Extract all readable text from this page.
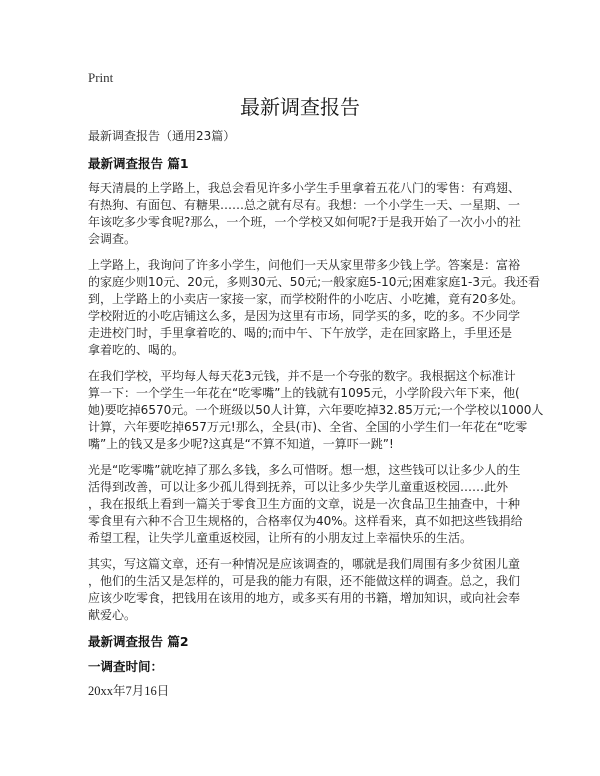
Print
最新调查报告
最新调查报告（通用23篇）
最新调查报告 篇1
每天清晨的上学路上，我总会看见许多小学生手里拿着五花八门的零售：有鸡翅、
有热狗、有面包、有糖果……总之就有尽有。我想：一个小学生一天、一星期、一
年该吃多少零食呢?那么，一个班，一个学校又如何呢?于是我开始了一次小小的社
会调查。
上学路上，我询问了许多小学生，问他们一天从家里带多少钱上学。答案是：富裕
的家庭少则10元、20元，多则30元、50元;一般家庭5-10元;困难家庭1-3元。我还看
到，上学路上的小卖店一家接一家，而学校附件的小吃店、小吃摊，竟有20多处。
学校附近的小吃店铺这么多，是因为这里有市场，同学买的多，吃的多。不少同学
走进校门时，手里拿着吃的、喝的;而中午、下午放学，走在回家路上，手里还是
拿着吃的、喝的。
在我们学校，平均每人每天花3元钱，并不是一个夸张的数字。我根据这个标准计
算一下：一个学生一年花在“吃零嘴”上的钱就有1095元，小学阶段六年下来，他(
她)要吃掉6570元。一个班级以50人计算，六年要吃掉32.85万元;一个学校以1000人
计算，六年要吃掉657万元!那么，全县(市)、全省、全国的小学生们一年花在“吃零
嘴”上的钱又是多少呢?这真是“不算不知道，一算吓一跳”!
光是“吃零嘴”就吃掉了那么多钱，多么可惜呀。想一想，这些钱可以让多少人的生
活得到改善，可以让多少孤儿得到抚养，可以让多少失学儿童重返校园……此外
，我在报纸上看到一篇关于零食卫生方面的文章，说是一次食品卫生抽查中，十种
零食里有六种不合卫生规格的，合格率仅为40%。这样看来，真不如把这些钱捐给
希望工程，让失学儿童重返校园，让所有的小朋友过上幸福快乐的生活。
其实，写这篇文章，还有一种情况是应该调查的，哪就是我们周围有多少贫困儿童
，他们的生活又是怎样的，可是我的能力有限，还不能做这样的调查。总之，我们
应该少吃零食，把钱用在该用的地方，或多买有用的书籍，增加知识，或向社会奉
献爱心。
最新调查报告 篇2
一调查时间：
20xx年7月16日
